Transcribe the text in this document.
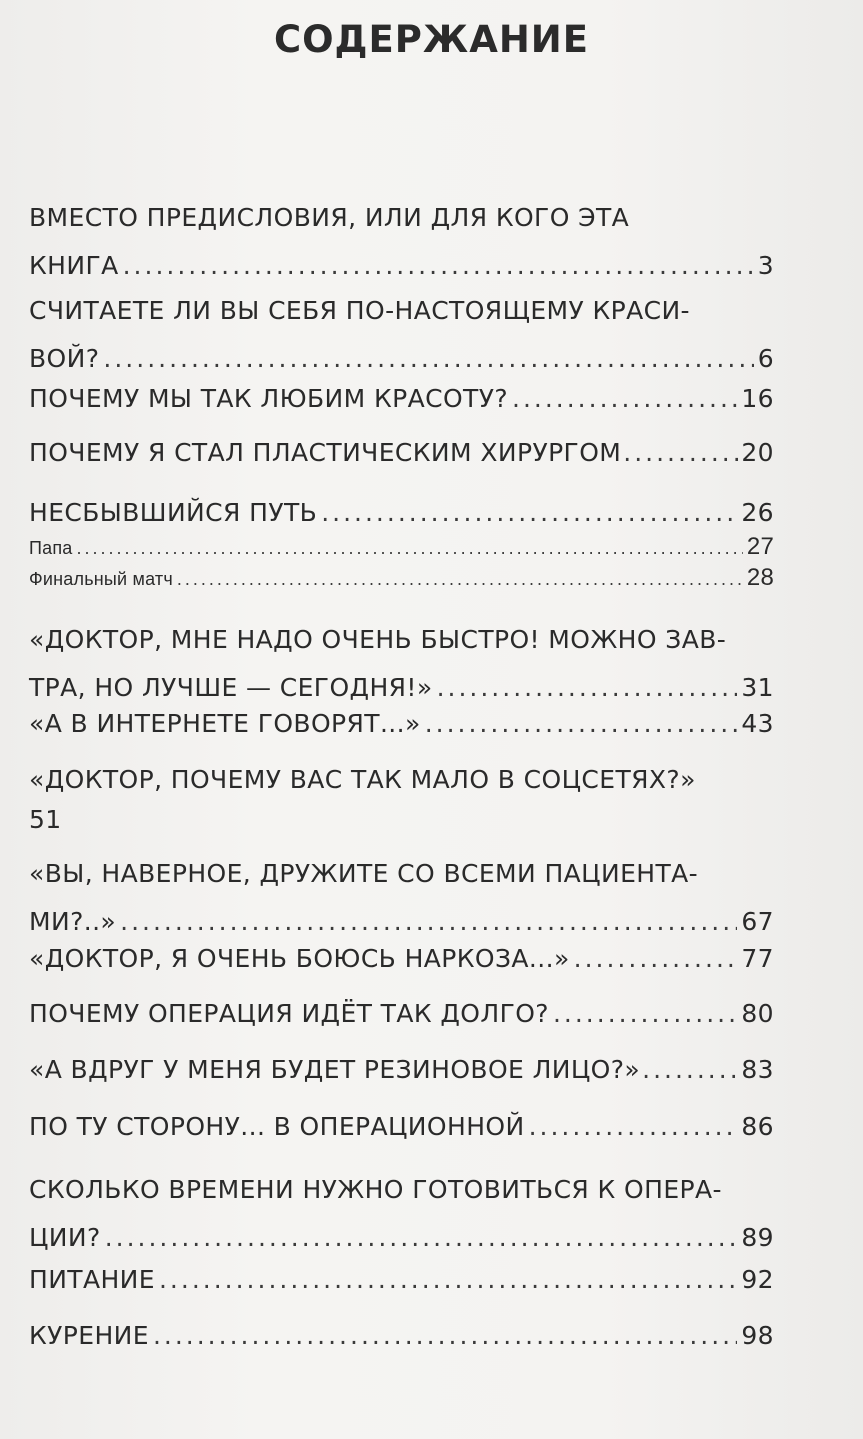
СОДЕРЖАНИЕ
ВМЕСТО ПРЕДИСЛОВИЯ, ИЛИ ДЛЯ КОГО ЭТА
КНИГА .....	3
СЧИТАЕТЕ ЛИ ВЫ СЕБЯ ПО-НАСТОЯЩЕМУ КРАСИ-
ВОЙ? .....	6
ПОЧЕМУ МЫ ТАК ЛЮБИМ КРАСОТУ? .....	16
ПОЧЕМУ Я СТАЛ ПЛАСТИЧЕСКИМ ХИРУРГОМ .....	20
НЕСБЫВШИЙСЯ ПУТЬ .....	26
Папа .....	27
Финальный матч .....	28
«ДОКТОР, МНЕ НАДО ОЧЕНЬ БЫСТРО! МОЖНО ЗАВ-
ТРА, НО ЛУЧШЕ — СЕГОДНЯ!» .....	31
«А В ИНТЕРНЕТЕ ГОВОРЯТ...» .....	43
«ДОКТОР, ПОЧЕМУ ВАС ТАК МАЛО В СОЦСЕТЯХ?»
51
«ВЫ, НАВЕРНОЕ, ДРУЖИТЕ СО ВСЕМИ ПАЦИЕНТА-
МИ?..» .....	67
«ДОКТОР, Я ОЧЕНЬ БОЮСЬ НАРКОЗА...» .....	77
ПОЧЕМУ ОПЕРАЦИЯ ИДЁТ ТАК ДОЛГО? .....	80
«А ВДРУГ У МЕНЯ БУДЕТ РЕЗИНОВОЕ ЛИЦО?» .....	83
ПО ТУ СТОРОНУ... В ОПЕРАЦИОННОЙ .....	86
СКОЛЬКО ВРЕМЕНИ НУЖНО ГОТОВИТЬСЯ К ОПЕРА-
ЦИИ? .....	89
ПИТАНИЕ .....	92
КУРЕНИЕ .....	98
